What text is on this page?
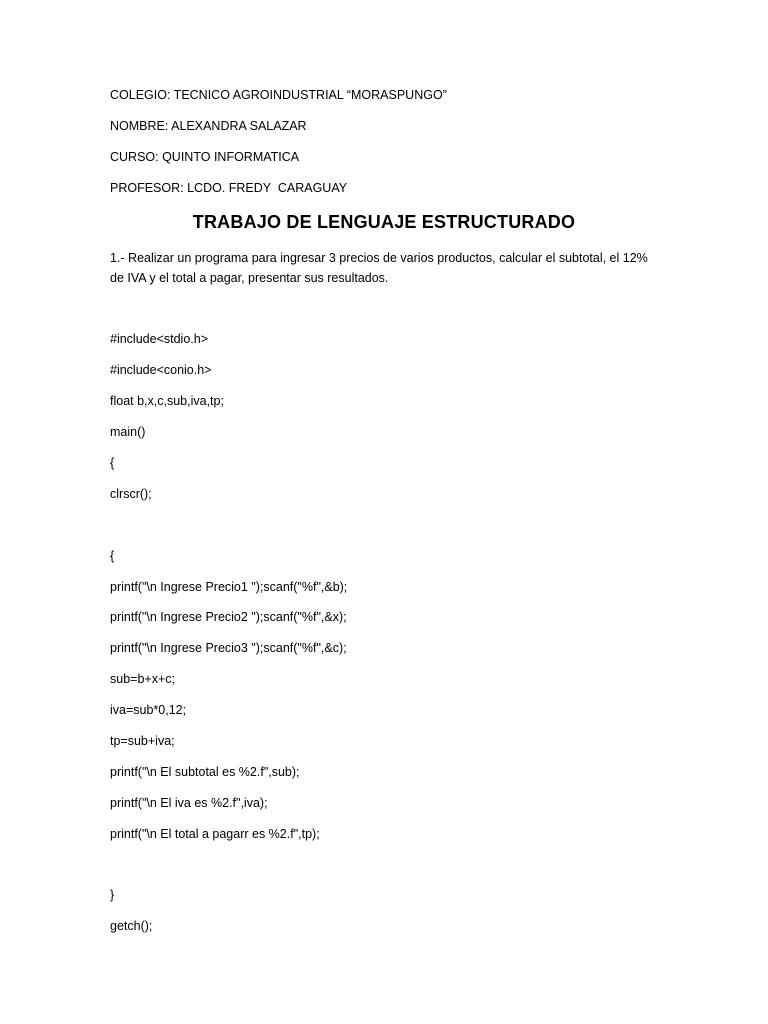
COLEGIO: TECNICO AGROINDUSTRIAL “MORASPUNGO”
NOMBRE: ALEXANDRA SALAZAR
CURSO: QUINTO INFORMATICA
PROFESOR: LCDO. FREDY  CARAGUAY
TRABAJO DE LENGUAJE ESTRUCTURADO
1.- Realizar un programa para ingresar 3 precios de varios productos, calcular el subtotal, el 12% de IVA y el total a pagar, presentar sus resultados.
#include<stdio.h>
#include<conio.h>
float b,x,c,sub,iva,tp;
main()
{
clrscr();
{
printf("\n Ingrese Precio1 ");scanf("%f",&b);
printf("\n Ingrese Precio2 ");scanf("%f",&x);
printf("\n Ingrese Precio3 ");scanf("%f",&c);
sub=b+x+c;
iva=sub*0,12;
tp=sub+iva;
printf("\n El subtotal es %2.f",sub);
printf("\n El iva es %2.f",iva);
printf("\n El total a pagarr es %2.f",tp);
}
getch();
